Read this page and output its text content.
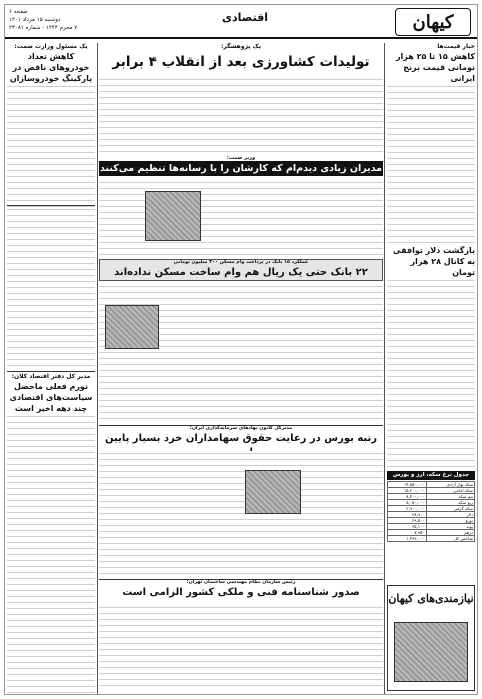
کیهان
اقتصادی
صفحه ۶
دوشنبه ۱۵ مرداد ۱۴۰۱
۷ محرم ۱۴۴۴ - شماره ۲۳۰۸۱
خبار قیمت‌ها
کاهش ۱۵ تا ۲۵ هزار تومانی قیمت برنج ایرانی
بازگشت دلار توافقی به کانال ۲۸ هزار تومان
جدول نرخ سکه، ارز و بورس
سکه بهار آزادی	۱۴,۸۵۰,۰۰۰
سکه امامی	۱۵,۲۰۰,۰۰۰
نیم سکه	۸,۴۰۰,۰۰۰
ربع سکه	۵,۰۵۰,۰۰۰
سکه گرمی	۲,۹۰۰,۰۰۰
دلار	۲۸,۹۰۰
یورو	۲۹,۵۰۰
پوند	۳۵,۱۰۰
درهم	۷,۹۵۰
شاخص کل	۱,۴۹۲,۰۰۰
نیازمندی‌های کیهان
یک مسئول وزارت صمت:
کاهش تعداد خودروهای ناقص در پارکینگ خودروسازان
مدیر کل دفتر اقتصاد کلان:
تورم فعلی ماحصل سیاست‌های اقتصادی چند دهه اخیر است
یک پژوهشگر:
تولیدات کشاورزی بعد از انقلاب ۴ برابر
وزیر صمت:
مدیران زیادی دیدم‌ام که کارشان را با رسانه‌ها تنظیم می‌کنند
عملکرد ۱۵ بانک در پرداخت وام مسکن ۳۰۰ میلیون تومانی
۲۲ بانک حتی یک ریال هم وام ساخت مسکن نداده‌اند
مدیرکل کانون نهادهای سرمایه‌گذاری ایران:
رتبه بورس در رعایت حقوق سهامداران خرد بسیار پایین
رئیس سازمان نظام مهندسی ساختمان تهران:
صدور شناسنامه فنی و ملکی کشور الزامی است
